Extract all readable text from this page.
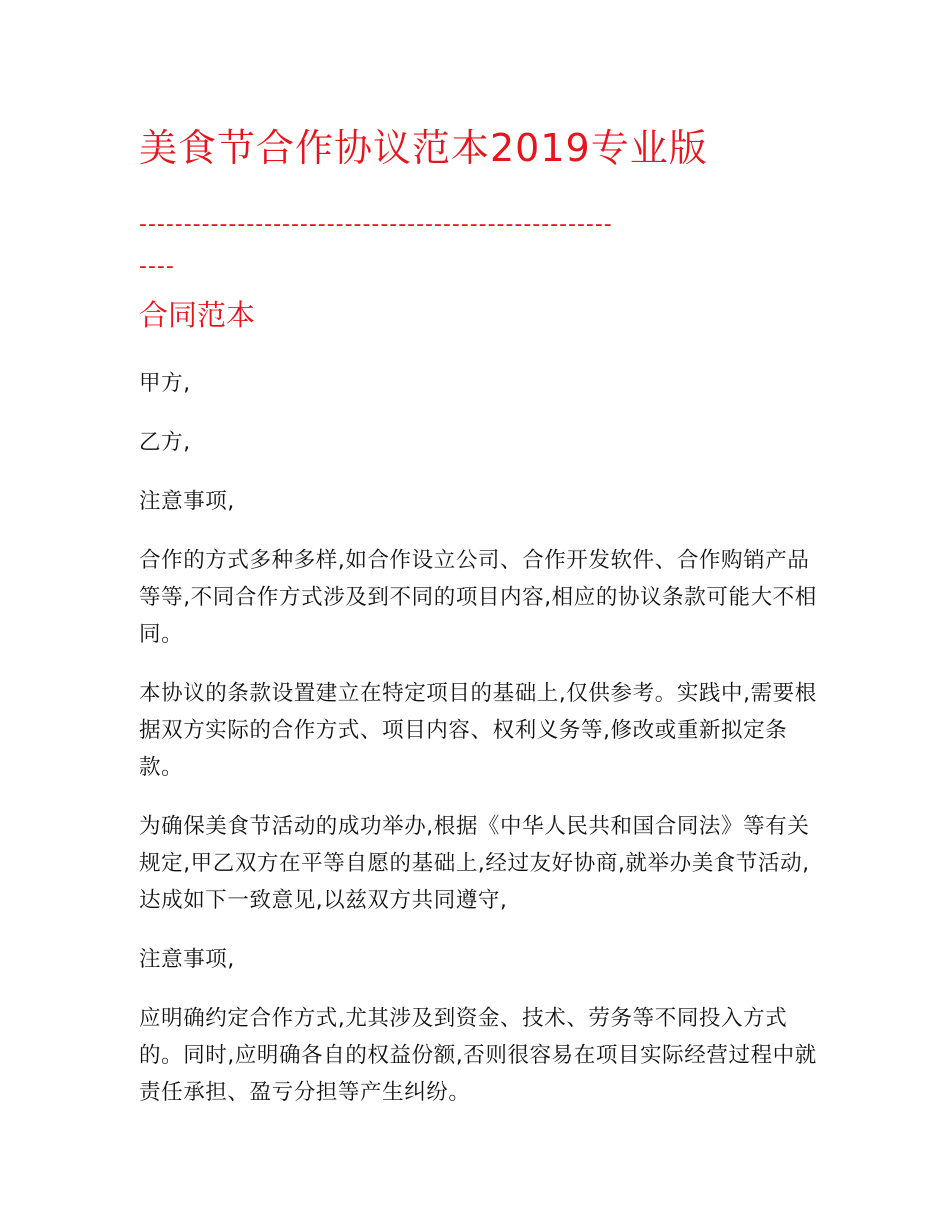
美食节合作协议范本2019专业版
-----------------------------------------------------
----
合同范本

甲方,

乙方,

注意事项,

合作的方式多种多样,如合作设立公司、合作开发软件、合作购销产品等等,不同合作方式涉及到不同的项目内容,相应的协议条款可能大不相同。

本协议的条款设置建立在特定项目的基础上,仅供参考。实践中,需要根据双方实际的合作方式、项目内容、权利义务等,修改或重新拟定条款。

为确保美食节活动的成功举办,根据《中华人民共和国合同法》等有关规定,甲乙双方在平等自愿的基础上,经过友好协商,就举办美食节活动,达成如下一致意见,以兹双方共同遵守,

注意事项,

应明确约定合作方式,尤其涉及到资金、技术、劳务等不同投入方式的。同时,应明确各自的权益份额,否则很容易在项目实际经营过程中就责任承担、盈亏分担等产生纠纷。
